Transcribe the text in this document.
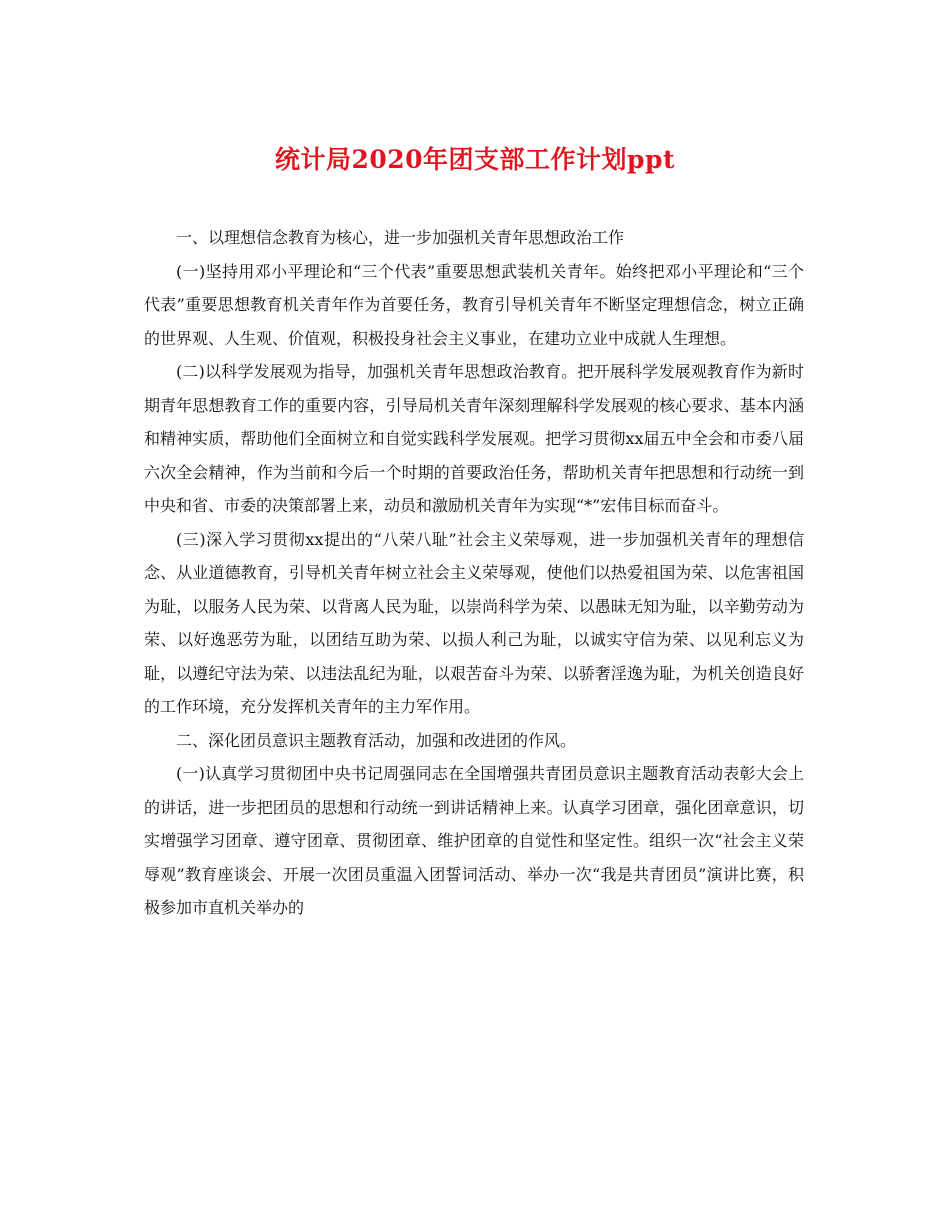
统计局2020年团支部工作计划ppt

一、以理想信念教育为核心，进一步加强机关青年思想政治工作

(一)坚持用邓小平理论和“三个代表”重要思想武装机关青年。始终把邓小平理论和“三个代表”重要思想教育机关青年作为首要任务，教育引导机关青年不断坚定理想信念，树立正确的世界观、人生观、价值观，积极投身社会主义事业，在建功立业中成就人生理想。

(二)以科学发展观为指导，加强机关青年思想政治教育。把开展科学发展观教育作为新时期青年思想教育工作的重要内容，引导局机关青年深刻理解科学发展观的核心要求、基本内涵和精神实质，帮助他们全面树立和自觉实践科学发展观。把学习贯彻xx届五中全会和市委八届六次全会精神，作为当前和今后一个时期的首要政治任务，帮助机关青年把思想和行动统一到中央和省、市委的决策部署上来，动员和激励机关青年为实现“*”宏伟目标而奋斗。

(三)深入学习贯彻xx提出的“八荣八耻”社会主义荣辱观，进一步加强机关青年的理想信念、从业道德教育，引导机关青年树立社会主义荣辱观，使他们以热爱祖国为荣、以危害祖国为耻，以服务人民为荣、以背离人民为耻，以崇尚科学为荣、以愚昧无知为耻，以辛勤劳动为荣、以好逸恶劳为耻，以团结互助为荣、以损人利己为耻，以诚实守信为荣、以见利忘义为耻，以遵纪守法为荣、以违法乱纪为耻，以艰苦奋斗为荣、以骄奢淫逸为耻，为机关创造良好的工作环境，充分发挥机关青年的主力军作用。

二、深化团员意识主题教育活动，加强和改进团的作风。

(一)认真学习贯彻团中央书记周强同志在全国增强共青团员意识主题教育活动表彰大会上的讲话，进一步把团员的思想和行动统一到讲话精神上来。认真学习团章，强化团章意识，切实增强学习团章、遵守团章、贯彻团章、维护团章的自觉性和坚定性。组织一次“社会主义荣辱观”教育座谈会、开展一次团员重温入团誓词活动、举办一次“我是共青团员”演讲比赛，积极参加市直机关举办的
